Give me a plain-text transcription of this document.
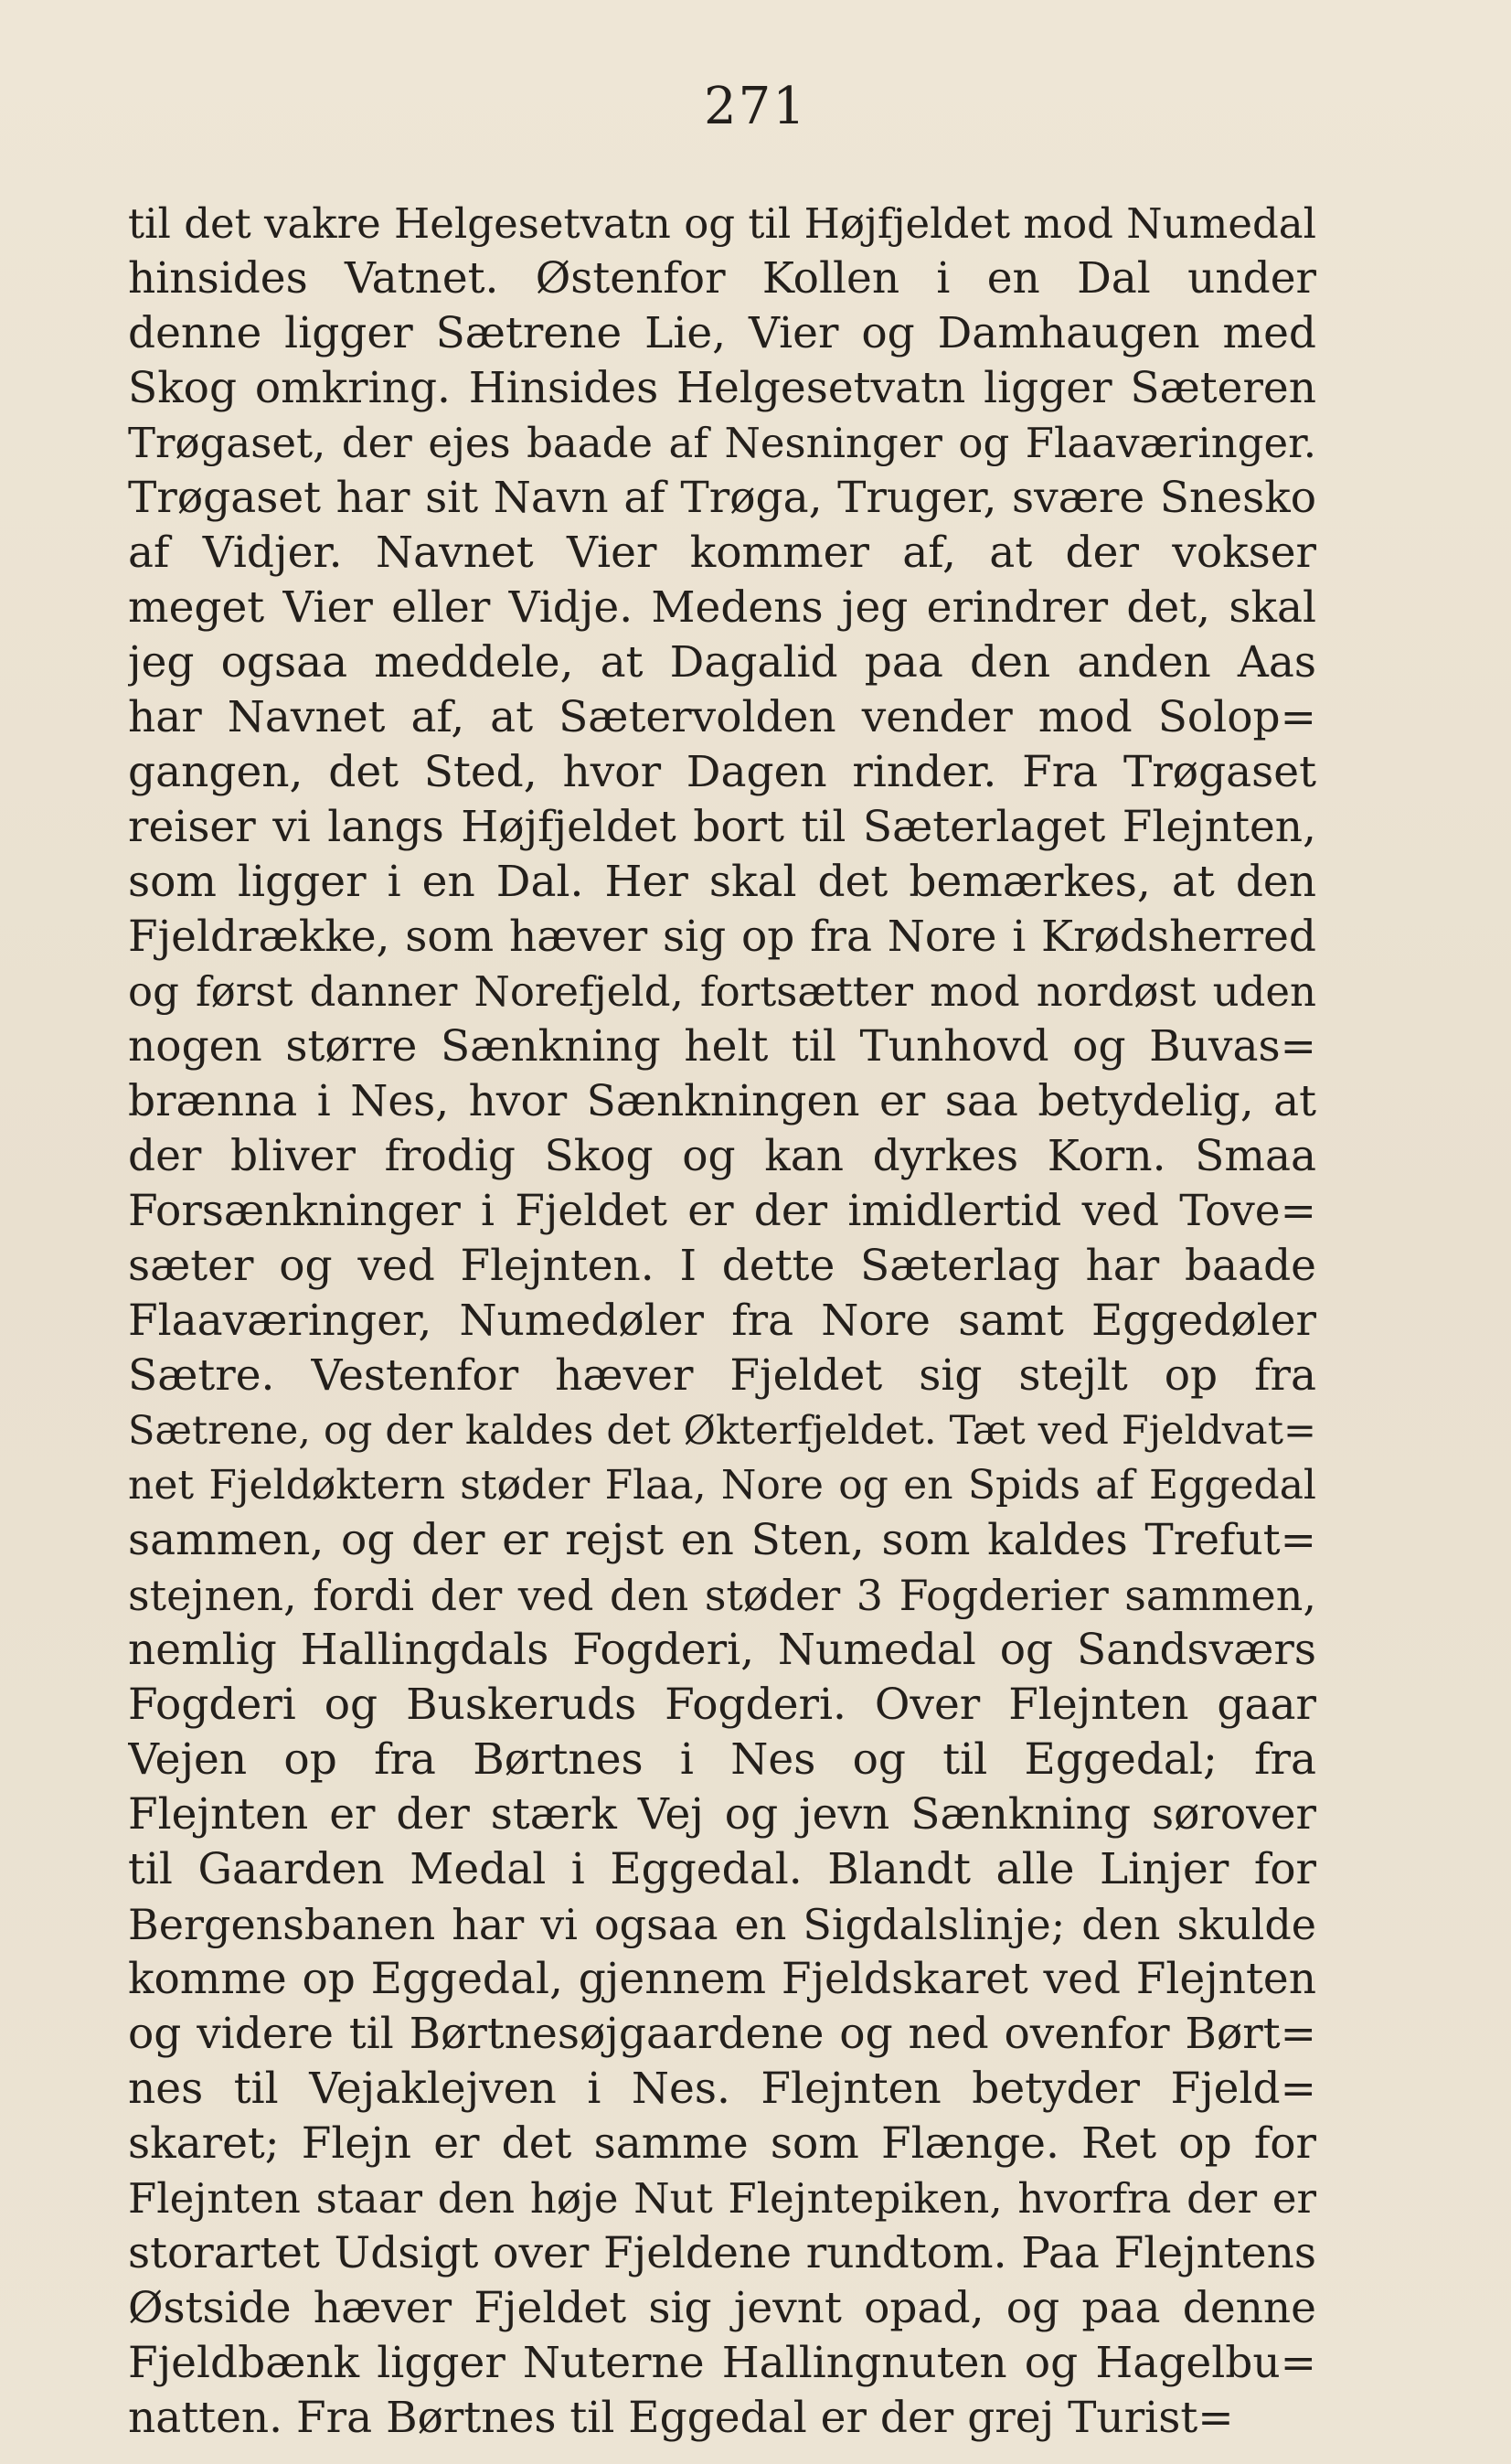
271
til det vakre Helgesetvatn og til Højfjeldet mod Numedal
hinsides Vatnet. Østenfor Kollen i en Dal under
denne ligger Sætrene Lie, Vier og Damhaugen med
Skog omkring. Hinsides Helgesetvatn ligger Sæteren
Trøgaset, der ejes baade af Nesninger og Flaaværinger.
Trøgaset har sit Navn af Trøga, Truger, svære Snesko
af Vidjer. Navnet Vier kommer af, at der vokser
meget Vier eller Vidje. Medens jeg erindrer det, skal
jeg ogsaa meddele, at Dagalid paa den anden Aas
har Navnet af, at Sætervolden vender mod Solop=
gangen, det Sted, hvor Dagen rinder. Fra Trøgaset
reiser vi langs Højfjeldet bort til Sæterlaget Flejnten,
som ligger i en Dal. Her skal det bemærkes, at den
Fjeldrække, som hæver sig op fra Nore i Krødsherred
og først danner Norefjeld, fortsætter mod nordøst uden
nogen større Sænkning helt til Tunhovd og Buvas=
brænna i Nes, hvor Sænkningen er saa betydelig, at
der bliver frodig Skog og kan dyrkes Korn. Smaa
Forsænkninger i Fjeldet er der imidlertid ved Tove=
sæter og ved Flejnten. I dette Sæterlag har baade
Flaaværinger, Numedøler fra Nore samt Eggedøler
Sætre. Vestenfor hæver Fjeldet sig stejlt op fra
Sætrene, og der kaldes det Økterfjeldet. Tæt ved Fjeldvat=
net Fjeldøktern støder Flaa, Nore og en Spids af Eggedal
sammen, og der er rejst en Sten, som kaldes Trefut=
stejnen, fordi der ved den støder 3 Fogderier sammen,
nemlig Hallingdals Fogderi, Numedal og Sandsværs
Fogderi og Buskeruds Fogderi. Over Flejnten gaar
Vejen op fra Børtnes i Nes og til Eggedal; fra
Flejnten er der stærk Vej og jevn Sænkning sørover
til Gaarden Medal i Eggedal. Blandt alle Linjer for
Bergensbanen har vi ogsaa en Sigdalslinje; den skulde
komme op Eggedal, gjennem Fjeldskaret ved Flejnten
og videre til Børtnesøjgaardene og ned ovenfor Børt=
nes til Vejaklejven i Nes. Flejnten betyder Fjeld=
skaret; Flejn er det samme som Flænge. Ret op for
Flejnten staar den høje Nut Flejntepiken, hvorfra der er
storartet Udsigt over Fjeldene rundtom. Paa Flejntens
Østside hæver Fjeldet sig jevnt opad, og paa denne
Fjeldbænk ligger Nuterne Hallingnuten og Hagelbu=
natten. Fra Børtnes til Eggedal er der grej Turist=
